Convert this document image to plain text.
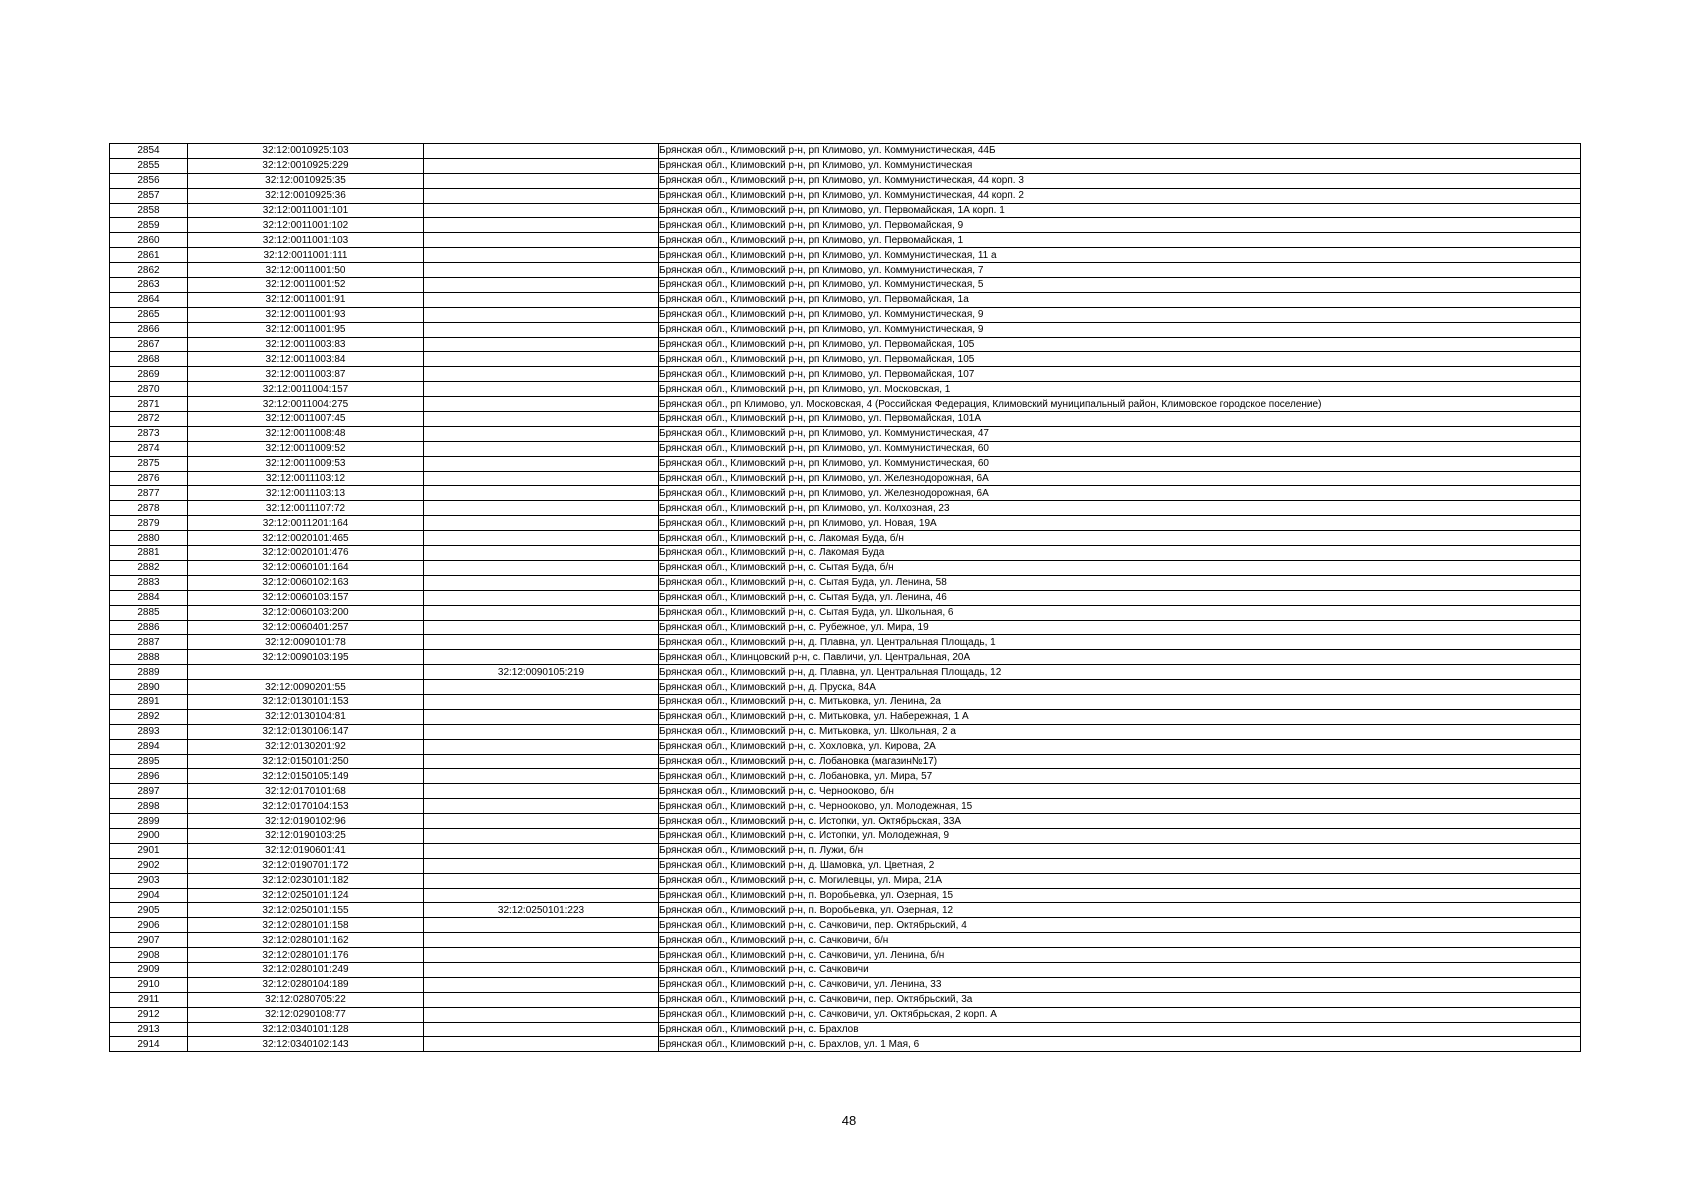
2854	32:12:0010925:103		Брянская обл., Климовский р-н, рп Климово, ул. Коммунистическая, 44Б
2855	32:12:0010925:229		Брянская обл., Климовский р-н, рп Климово, ул. Коммунистическая
2856	32:12:0010925:35		Брянская обл., Климовский р-н, рп Климово, ул. Коммунистическая, 44 корп. 3
2857	32:12:0010925:36		Брянская обл., Климовский р-н, рп Климово, ул. Коммунистическая, 44 корп. 2
2858	32:12:0011001:101		Брянская обл., Климовский р-н, рп Климово, ул. Первомайская, 1А корп. 1
2859	32:12:0011001:102		Брянская обл., Климовский р-н, рп Климово, ул. Первомайская, 9
2860	32:12:0011001:103		Брянская обл., Климовский р-н, рп Климово, ул. Первомайская, 1
2861	32:12:0011001:111		Брянская обл., Климовский р-н, рп Климово, ул. Коммунистическая, 11 а
2862	32:12:0011001:50		Брянская обл., Климовский р-н, рп Климово, ул. Коммунистическая, 7
2863	32:12:0011001:52		Брянская обл., Климовский р-н, рп Климово, ул. Коммунистическая, 5
2864	32:12:0011001:91		Брянская обл., Климовский р-н, рп Климово, ул. Первомайская, 1а
2865	32:12:0011001:93		Брянская обл., Климовский р-н, рп Климово, ул. Коммунистическая, 9
2866	32:12:0011001:95		Брянская обл., Климовский р-н, рп Климово, ул. Коммунистическая, 9
2867	32:12:0011003:83		Брянская обл., Климовский р-н, рп Климово, ул. Первомайская, 105
2868	32:12:0011003:84		Брянская обл., Климовский р-н, рп Климово, ул. Первомайская, 105
2869	32:12:0011003:87		Брянская обл., Климовский р-н, рп Климово, ул. Первомайская, 107
2870	32:12:0011004:157		Брянская обл., Климовский р-н, рп Климово, ул. Московская, 1
2871	32:12:0011004:275		Брянская обл., рп Климово, ул. Московская, 4 (Российская Федерация, Климовский муниципальный район, Климовское городское поселение)
2872	32:12:0011007:45		Брянская обл., Климовский р-н, рп Климово, ул. Первомайская, 101А
2873	32:12:0011008:48		Брянская обл., Климовский р-н, рп Климово, ул. Коммунистическая, 47
2874	32:12:0011009:52		Брянская обл., Климовский р-н, рп Климово, ул. Коммунистическая, 60
2875	32:12:0011009:53		Брянская обл., Климовский р-н, рп Климово, ул. Коммунистическая, 60
2876	32:12:0011103:12		Брянская обл., Климовский р-н, рп Климово, ул. Железнодорожная, 6А
2877	32:12:0011103:13		Брянская обл., Климовский р-н, рп Климово, ул. Железнодорожная, 6А
2878	32:12:0011107:72		Брянская обл., Климовский р-н, рп Климово, ул. Колхозная, 23
2879	32:12:0011201:164		Брянская обл., Климовский р-н, рп Климово, ул. Новая, 19А
2880	32:12:0020101:465		Брянская обл., Климовский р-н, с. Лакомая Буда, б/н
2881	32:12:0020101:476		Брянская обл., Климовский р-н, с. Лакомая Буда
2882	32:12:0060101:164		Брянская обл., Климовский р-н, с. Сытая Буда, б/н
2883	32:12:0060102:163		Брянская обл., Климовский р-н, с. Сытая Буда, ул. Ленина, 58
2884	32:12:0060103:157		Брянская обл., Климовский р-н, с. Сытая Буда, ул. Ленина, 46
2885	32:12:0060103:200		Брянская обл., Климовский р-н, с. Сытая Буда, ул. Школьная, 6
2886	32:12:0060401:257		Брянская обл., Климовский р-н, с. Рубежное, ул. Мира, 19
2887	32:12:0090101:78		Брянская обл., Климовский р-н, д. Плавна, ул. Центральная Площадь, 1
2888	32:12:0090103:195		Брянская обл., Клинцовский р-н, с. Павличи, ул. Центральная, 20А
2889		32:12:0090105:219	Брянская обл., Климовский р-н, д. Плавна, ул. Центральная Площадь, 12
2890	32:12:0090201:55		Брянская обл., Климовский р-н, д. Пруска, 84А
2891	32:12:0130101:153		Брянская обл., Климовский р-н, с. Митьковка, ул. Ленина, 2а
2892	32:12:0130104:81		Брянская обл., Климовский р-н, с. Митьковка, ул. Набережная, 1 А
2893	32:12:0130106:147		Брянская обл., Климовский р-н, с. Митьковка, ул. Школьная, 2 а
2894	32:12:0130201:92		Брянская обл., Климовский р-н, с. Хохловка, ул. Кирова, 2А
2895	32:12:0150101:250		Брянская обл., Климовский р-н, с. Лобановка (магазин№17)
2896	32:12:0150105:149		Брянская обл., Климовский р-н, с. Лобановка, ул. Мира, 57
2897	32:12:0170101:68		Брянская обл., Климовский р-н, с. Чернооково, б/н
2898	32:12:0170104:153		Брянская обл., Климовский р-н, с. Чернооково, ул. Молодежная, 15
2899	32:12:0190102:96		Брянская обл., Климовский р-н, с. Истопки, ул. Октябрьская, 33А
2900	32:12:0190103:25		Брянская обл., Климовский р-н, с. Истопки, ул. Молодежная, 9
2901	32:12:0190601:41		Брянская обл., Климовский р-н, п. Лужи, б/н
2902	32:12:0190701:172		Брянская обл., Климовский р-н, д. Шамовка, ул. Цветная, 2
2903	32:12:0230101:182		Брянская обл., Климовский р-н, с. Могилевцы, ул. Мира, 21А
2904	32:12:0250101:124		Брянская обл., Климовский р-н, п. Воробьевка, ул. Озерная, 15
2905	32:12:0250101:155	32:12:0250101:223	Брянская обл., Климовский р-н, п. Воробьевка, ул. Озерная, 12
2906	32:12:0280101:158		Брянская обл., Климовский р-н, с. Сачковичи, пер. Октябрьский, 4
2907	32:12:0280101:162		Брянская обл., Климовский р-н, с. Сачковичи, б/н
2908	32:12:0280101:176		Брянская обл., Климовский р-н, с. Сачковичи, ул. Ленина, б/н
2909	32:12:0280101:249		Брянская обл., Климовский р-н, с. Сачковичи
2910	32:12:0280104:189		Брянская обл., Климовский р-н, с. Сачковичи, ул. Ленина, 33
2911	32:12:0280705:22		Брянская обл., Климовский р-н, с. Сачковичи, пер. Октябрьский, 3а
2912	32:12:0290108:77		Брянская обл., Климовский р-н, с. Сачковичи, ул. Октябрьская, 2 корп. А
2913	32:12:0340101:128		Брянская обл., Климовский р-н, с. Брахлов
2914	32:12:0340102:143		Брянская обл., Климовский р-н, с. Брахлов, ул. 1 Мая, 6
48
